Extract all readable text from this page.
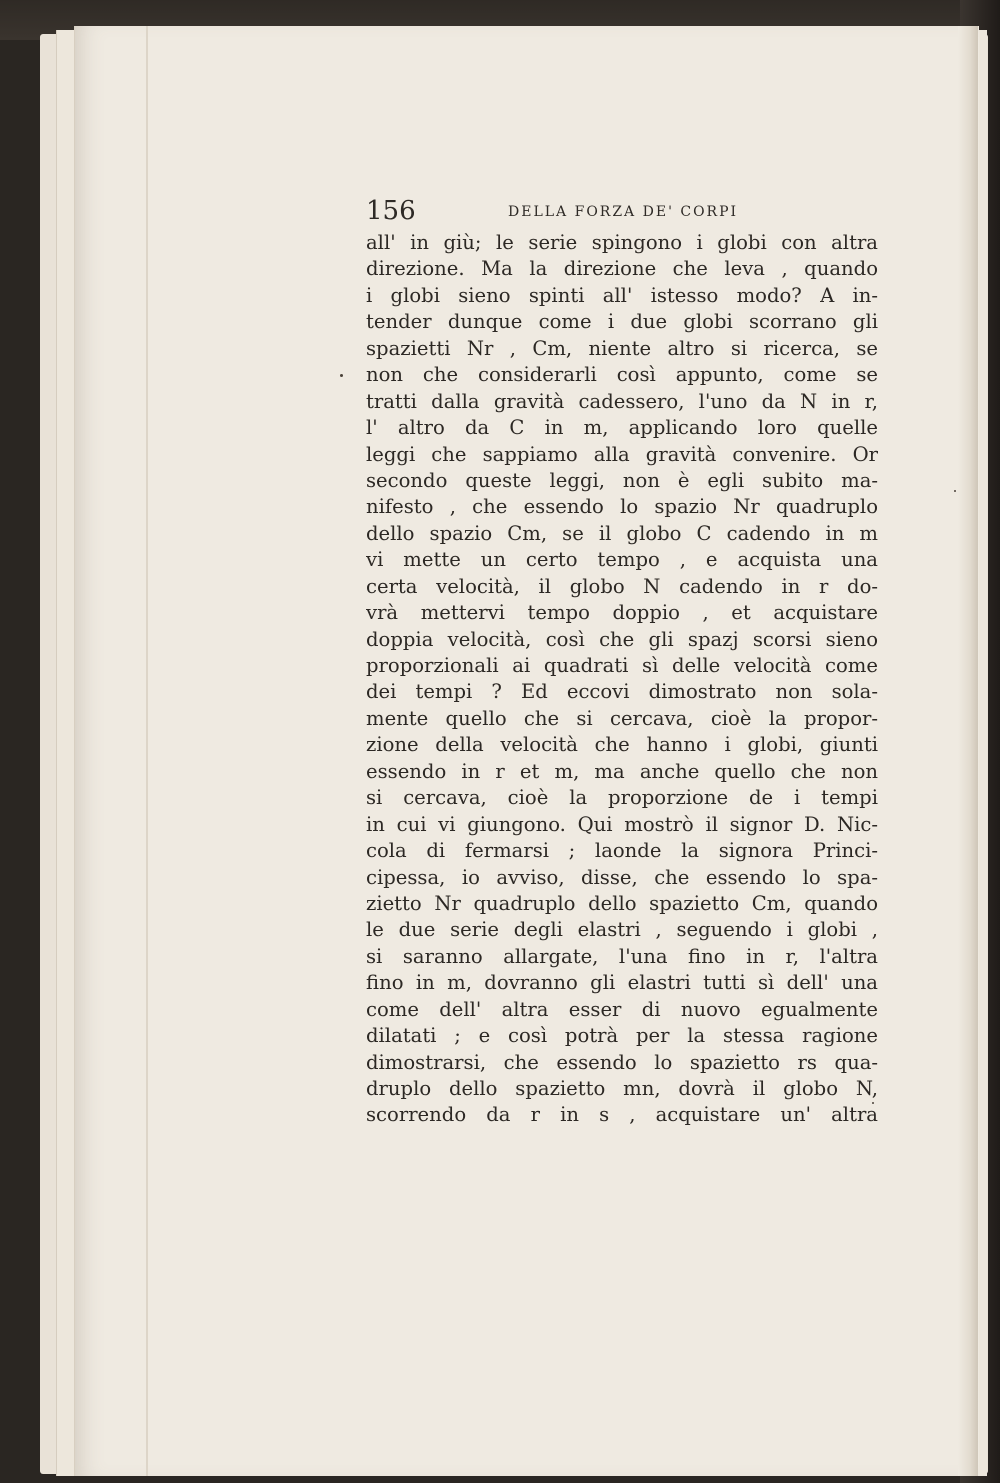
156	DELLA FORZA DE' CORPI
all' in giù; le serie spingono i globi con altra
direzione. Ma la direzione che leva , quando
i globi sieno spinti all' istesso modo? A in-
tender dunque come i due globi scorrano gli
spazietti Nr , Cm, niente altro si ricerca, se
non che considerarli così appunto, come se
tratti dalla gravità cadessero, l'uno da N in r,
l' altro da C in m, applicando loro quelle
leggi che sappiamo alla gravità convenire. Or
secondo queste leggi, non è egli subito ma-
nifesto , che essendo lo spazio Nr quadruplo
dello spazio Cm, se il globo C cadendo in m
vi mette un certo tempo , e acquista una
certa velocità, il globo N cadendo in r do-
vrà mettervi tempo doppio , et acquistare
doppia velocità, così che gli spazj scorsi sieno
proporzionali ai quadrati sì delle velocità come
dei tempi ? Ed eccovi dimostrato non sola-
mente quello che si cercava, cioè la propor-
zione della velocità che hanno i globi, giunti
essendo in r et m, ma anche quello che non
si cercava, cioè la proporzione de i tempi
in cui vi giungono. Qui mostrò il signor D. Nic-
cola di fermarsi ; laonde la signora Princi-
cipessa, io avviso, disse, che essendo lo spa-
zietto Nr quadruplo dello spazietto Cm, quando
le due serie degli elastri , seguendo i globi ,
si saranno allargate, l'una fino in r, l'altra
fino in m, dovranno gli elastri tutti sì dell' una
come dell' altra esser di nuovo egualmente
dilatati ; e così potrà per la stessa ragione
dimostrarsi, che essendo lo spazietto rs qua-
druplo dello spazietto mn, dovrà il globo N,
scorrendo da r in s , acquistare un' altra
